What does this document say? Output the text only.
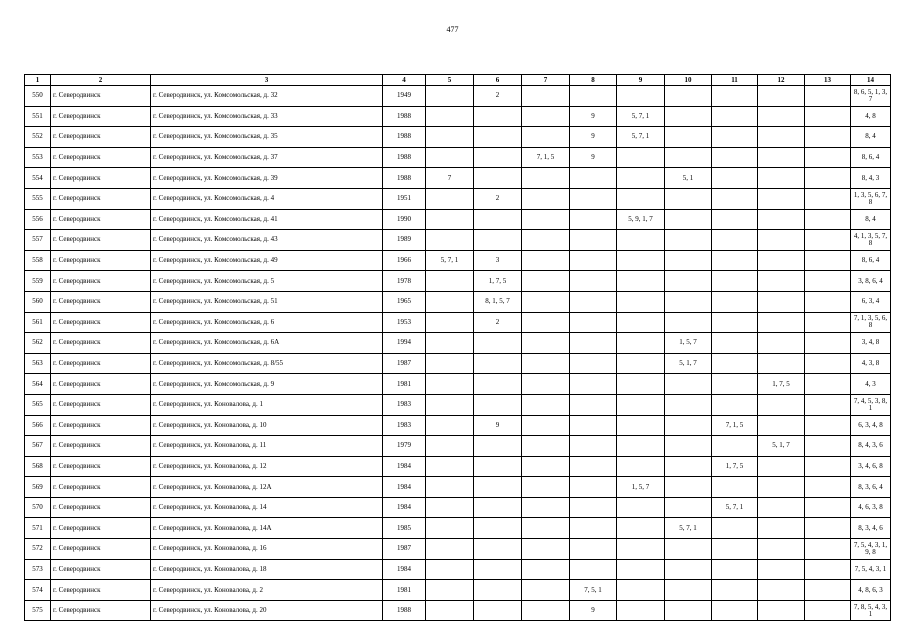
477
1	2	3	4	5	6	7	8	9	10	11	12	13	14
550	г. Северодвинск	г. Северодвинск, ул. Комсомольская, д. 32	1949		2								8, 6, 5, 1, 3, 7
551	г. Северодвинск	г. Северодвинск, ул. Комсомольская, д. 33	1988				9	5, 7, 1					4, 8
552	г. Северодвинск	г. Северодвинск, ул. Комсомольская, д. 35	1988				9	5, 7, 1					8, 4
553	г. Северодвинск	г. Северодвинск, ул. Комсомольская, д. 37	1988			7, 1, 5	9						8, 6, 4
554	г. Северодвинск	г. Северодвинск, ул. Комсомольская, д. 39	1988	7					5, 1				8, 4, 3
555	г. Северодвинск	г. Северодвинск, ул. Комсомольская, д. 4	1951		2								1, 3, 5, 6, 7, 8
556	г. Северодвинск	г. Северодвинск, ул. Комсомольская, д. 41	1990					5, 9, 1, 7					8, 4
557	г. Северодвинск	г. Северодвинск, ул. Комсомольская, д. 43	1989										4, 1, 3, 5, 7, 8
558	г. Северодвинск	г. Северодвинск, ул. Комсомольская, д. 49	1966	5, 7, 1	3								8, 6, 4
559	г. Северодвинск	г. Северодвинск, ул. Комсомольская, д. 5	1978		1, 7, 5								3, 8, 6, 4
560	г. Северодвинск	г. Северодвинск, ул. Комсомольская, д. 51	1965		8, 1, 5, 7								6, 3, 4
561	г. Северодвинск	г. Северодвинск, ул. Комсомольская, д. 6	1953		2								7, 1, 3, 5, 6, 8
562	г. Северодвинск	г. Северодвинск, ул. Комсомольская, д. 6А	1994						1, 5, 7				3, 4, 8
563	г. Северодвинск	г. Северодвинск, ул. Комсомольская, д. 8/55	1987						5, 1, 7				4, 3, 8
564	г. Северодвинск	г. Северодвинск, ул. Комсомольская, д. 9	1981								1, 7, 5		4, 3
565	г. Северодвинск	г. Северодвинск, ул. Коновалова, д. 1	1983										7, 4, 5, 3, 8, 1
566	г. Северодвинск	г. Северодвинск, ул. Коновалова, д. 10	1983		9					7, 1, 5			6, 3, 4, 8
567	г. Северодвинск	г. Северодвинск, ул. Коновалова, д. 11	1979								5, 1, 7		8, 4, 3, 6
568	г. Северодвинск	г. Северодвинск, ул. Коновалова, д. 12	1984							1, 7, 5			3, 4, 6, 8
569	г. Северодвинск	г. Северодвинск, ул. Коновалова, д. 12А	1984					1, 5, 7					8, 3, 6, 4
570	г. Северодвинск	г. Северодвинск, ул. Коновалова, д. 14	1984							5, 7, 1			4, 6, 3, 8
571	г. Северодвинск	г. Северодвинск, ул. Коновалова, д. 14А	1985						5, 7, 1				8, 3, 4, 6
572	г. Северодвинск	г. Северодвинск, ул. Коновалова, д. 16	1987										7, 5, 4, 3, 1, 9, 8
573	г. Северодвинск	г. Северодвинск, ул. Коновалова, д. 18	1984										7, 5, 4, 3, 1
574	г. Северодвинск	г. Северодвинск, ул. Коновалова, д. 2	1981				7, 5, 1						4, 8, 6, 3
575	г. Северодвинск	г. Северодвинск, ул. Коновалова, д. 20	1988				9						7, 8, 5, 4, 3, 1
